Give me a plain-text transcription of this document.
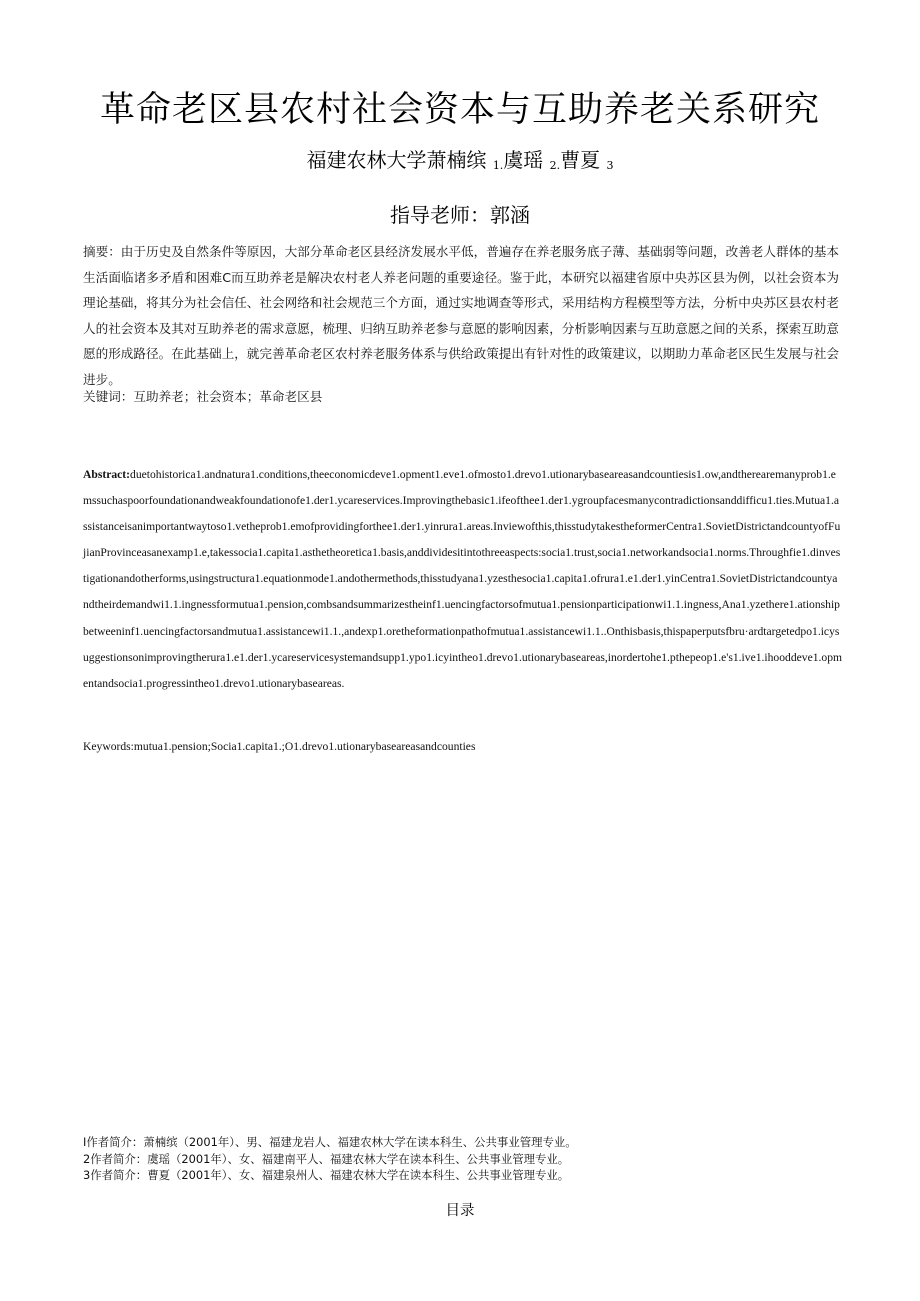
革命老区县农村社会资本与互助养老关系研究
福建农林大学萧楠缤 $_{1.}$虞瑶 $_{2.}$曹夏 $_3$
指导老师：郭涵

摘要：由于历史及自然条件等原因，大部分革命老区县经济发展水平低，普遍存在养老服务底子薄、基础弱等问题，改善老人群体的基本生活面临诸多矛盾和困难C而互助养老是解决农村老人养老问题的重要途径。鉴于此，本研究以福建省原中央苏区县为例，以社会资本为理论基础，将其分为社会信任、社会网络和社会规范三个方面，通过实地调查等形式，采用结构方程模型等方法，分析中央苏区县农村老人的社会资本及其对互助养老的需求意愿，梳理、归纳互助养老参与意愿的影响因素，分析影响因素与互助意愿之间的关系，探索互助意愿的形成路径。在此基础上，就完善革命老区农村养老服务体系与供给政策提出有针对性的政策建议，以期助力革命老区民生发展与社会进步。

关键词：互助养老；社会资本；革命老区县

Abstract:duetohistorica1.andnatura1.conditions,theeconomicdeve1.opment1.eve1.ofmosto1.drevo1.utionarybaseareasandcountiesis1.ow,andtherearemanyprob1.emssuchaspoorfoundationandweakfoundationofe1.der1.ycareservices.Improvingthebasic1.ifeofthee1.der1.ygroupfacesmanycontradictionsanddifficu1.ties.Mutua1.assistanceisanimportantwaytoso1.vetheprob1.emofprovidingforthee1.der1.yinrura1.areas.Inviewofthis,thisstudytakestheformerCentra1.SovietDistrictandcountyofFujianProvinceasanexamp1.e,takessocia1.capita1.asthetheoretica1.basis,anddividesitintothreeaspects:socia1.trust,socia1.networkandsocia1.norms.Throughfie1.dinvestigationandotherforms,usingstructura1.equationmode1.andothermethods,thisstudyana1.yzesthesocia1.capita1.ofrura1.e1.der1.yinCentra1.SovietDistrictandcountyandtheirdemandwi1.1.ingnessformutua1.pension,combsandsummarizestheinf1.uencingfactorsofmutua1.pensionparticipationwi1.1.ingness,Ana1.yzethere1.ationshipbetweeninf1.uencingfactorsandmutua1.assistancewi1.1.,andexp1.oretheformationpathofmutua1.assistancewi1.1..Onthisbasis,thispaperputsfbru·ardtargetedpo1.icysuggestionsonimprovingtherura1.e1.der1.ycareservicesystemandsupp1.ypo1.icyintheo1.drevo1.utionarybaseareas,inordertohe1.pthepeop1.e's1.ive1.ihooddeve1.opmentandsocia1.progressintheo1.drevo1.utionarybaseareas.

Keywords:mutua1.pension;Socia1.capita1.;O1.drevo1.utionarybaseareasandcounties

I作者简介：萧楠缤（2001年）、男、福建龙岩人、福建农林大学在读本科生、公共事业管理专业。
2作者简介：虞瑶（2001年）、女、福建南平人、福建农林大学在读本科生、公共事业管理专业。
3作者简介：曹夏（2001年）、女、福建泉州人、福建农林大学在读本科生、公共事业管理专业。
目录
